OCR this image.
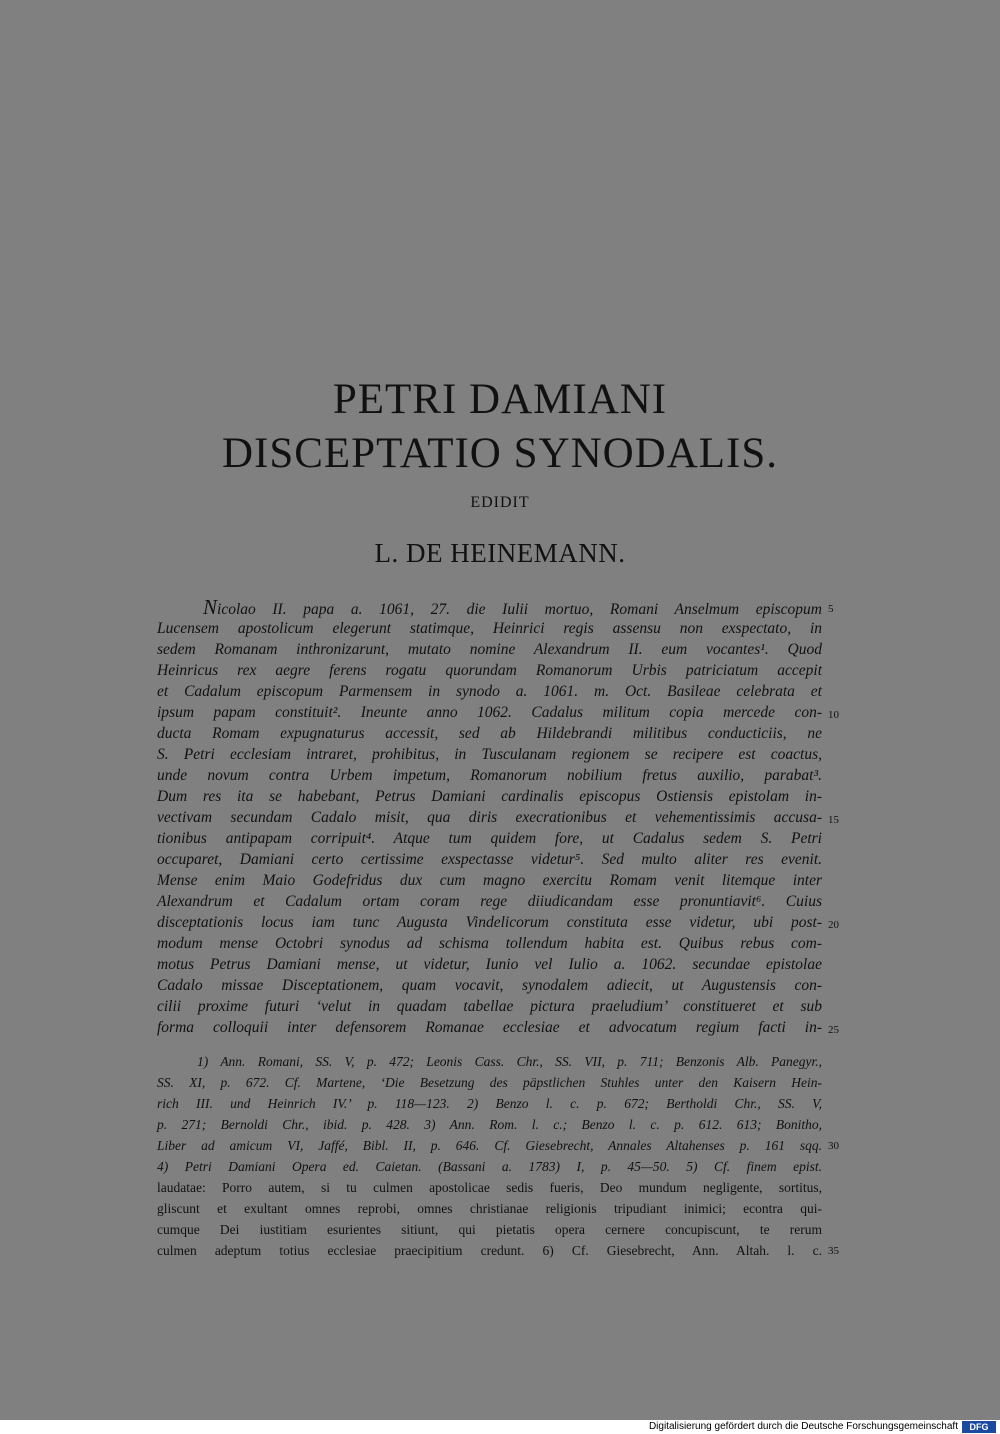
PETRI DAMIANI
DISCEPTATIO SYNODALIS.
EDIDIT
L. DE HEINEMANN.
Nicolao II. papa a. 1061, 27. die Iulii mortuo, Romani Anselmum episcopum
Lucensem apostolicum elegerunt statimque, Heinrici regis assensu non exspectato, in
sedem Romanam inthronizarunt, mutato nomine Alexandrum II. eum vocantes¹. Quod
Heinricus rex aegre ferens rogatu quorundam Romanorum Urbis patriciatum accepit
et Cadalum episcopum Parmensem in synodo a. 1061. m. Oct. Basileae celebrata et
ipsum papam constituit². Ineunte anno 1062. Cadalus militum copia mercede con-
ducta Romam expugnaturus accessit, sed ab Hildebrandi militibus conducticiis, ne
S. Petri ecclesiam intraret, prohibitus, in Tusculanam regionem se recipere est coactus,
unde novum contra Urbem impetum, Romanorum nobilium fretus auxilio, parabat³.
Dum res ita se habebant, Petrus Damiani cardinalis episcopus Ostiensis epistolam in-
vectivam secundam Cadalo misit, qua diris execrationibus et vehementissimis accusa-
tionibus antipapam corripuit⁴. Atque tum quidem fore, ut Cadalus sedem S. Petri
occuparet, Damiani certo certissime exspectasse videtur⁵. Sed multo aliter res evenit.
Mense enim Maio Godefridus dux cum magno exercitu Romam venit litemque inter
Alexandrum et Cadalum ortam coram rege diiudicandam esse pronuntiavit⁶. Cuius
disceptationis locus iam tunc Augusta Vindelicorum constituta esse videtur, ubi post-
modum mense Octobri synodus ad schisma tollendum habita est. Quibus rebus com-
motus Petrus Damiani mense, ut videtur, Iunio vel Iulio a. 1062. secundae epistolae
Cadalo missae Disceptationem, quam vocavit, synodalem adiecit, ut Augustensis con-
cilii proxime futuri ‘velut in quadam tabellae pictura praeludium’ constitueret et sub
forma colloquii inter defensorem Romanae ecclesiae et advocatum regium facti in-
5
10
15
20
25
1) Ann. Romani, SS. V, p. 472; Leonis Cass. Chr., SS. VII, p. 711; Benzonis Alb. Panegyr.,
SS. XI, p. 672. Cf. Martene, ‘Die Besetzung des päpstlichen Stuhles unter den Kaisern Hein-
rich III. und Heinrich IV.’ p. 118—123. 2) Benzo l. c. p. 672; Bertholdi Chr., SS. V,
p. 271; Bernoldi Chr., ibid. p. 428. 3) Ann. Rom. l. c.; Benzo l. c. p. 612. 613; Bonitho,
Liber ad amicum VI, Jaffé, Bibl. II, p. 646. Cf. Giesebrecht, Annales Altahenses p. 161 sqq.
4) Petri Damiani Opera ed. Caietan. (Bassani a. 1783) I, p. 45—50. 5) Cf. finem epist.
laudatae: Porro autem, si tu culmen apostolicae sedis fueris, Deo mundum negligente, sortitus,
gliscunt et exultant omnes reprobi, omnes christianae religionis tripudiant inimici; econtra qui-
cumque Dei iustitiam esurientes sitiunt, qui pietatis opera cernere concupiscunt, te rerum
culmen adeptum totius ecclesiae praecipitium credunt. 6) Cf. Giesebrecht, Ann. Altah. l. c.
30
35
Digitalisierung gefördert durch die Deutsche Forschungsgemeinschaft	DFG
